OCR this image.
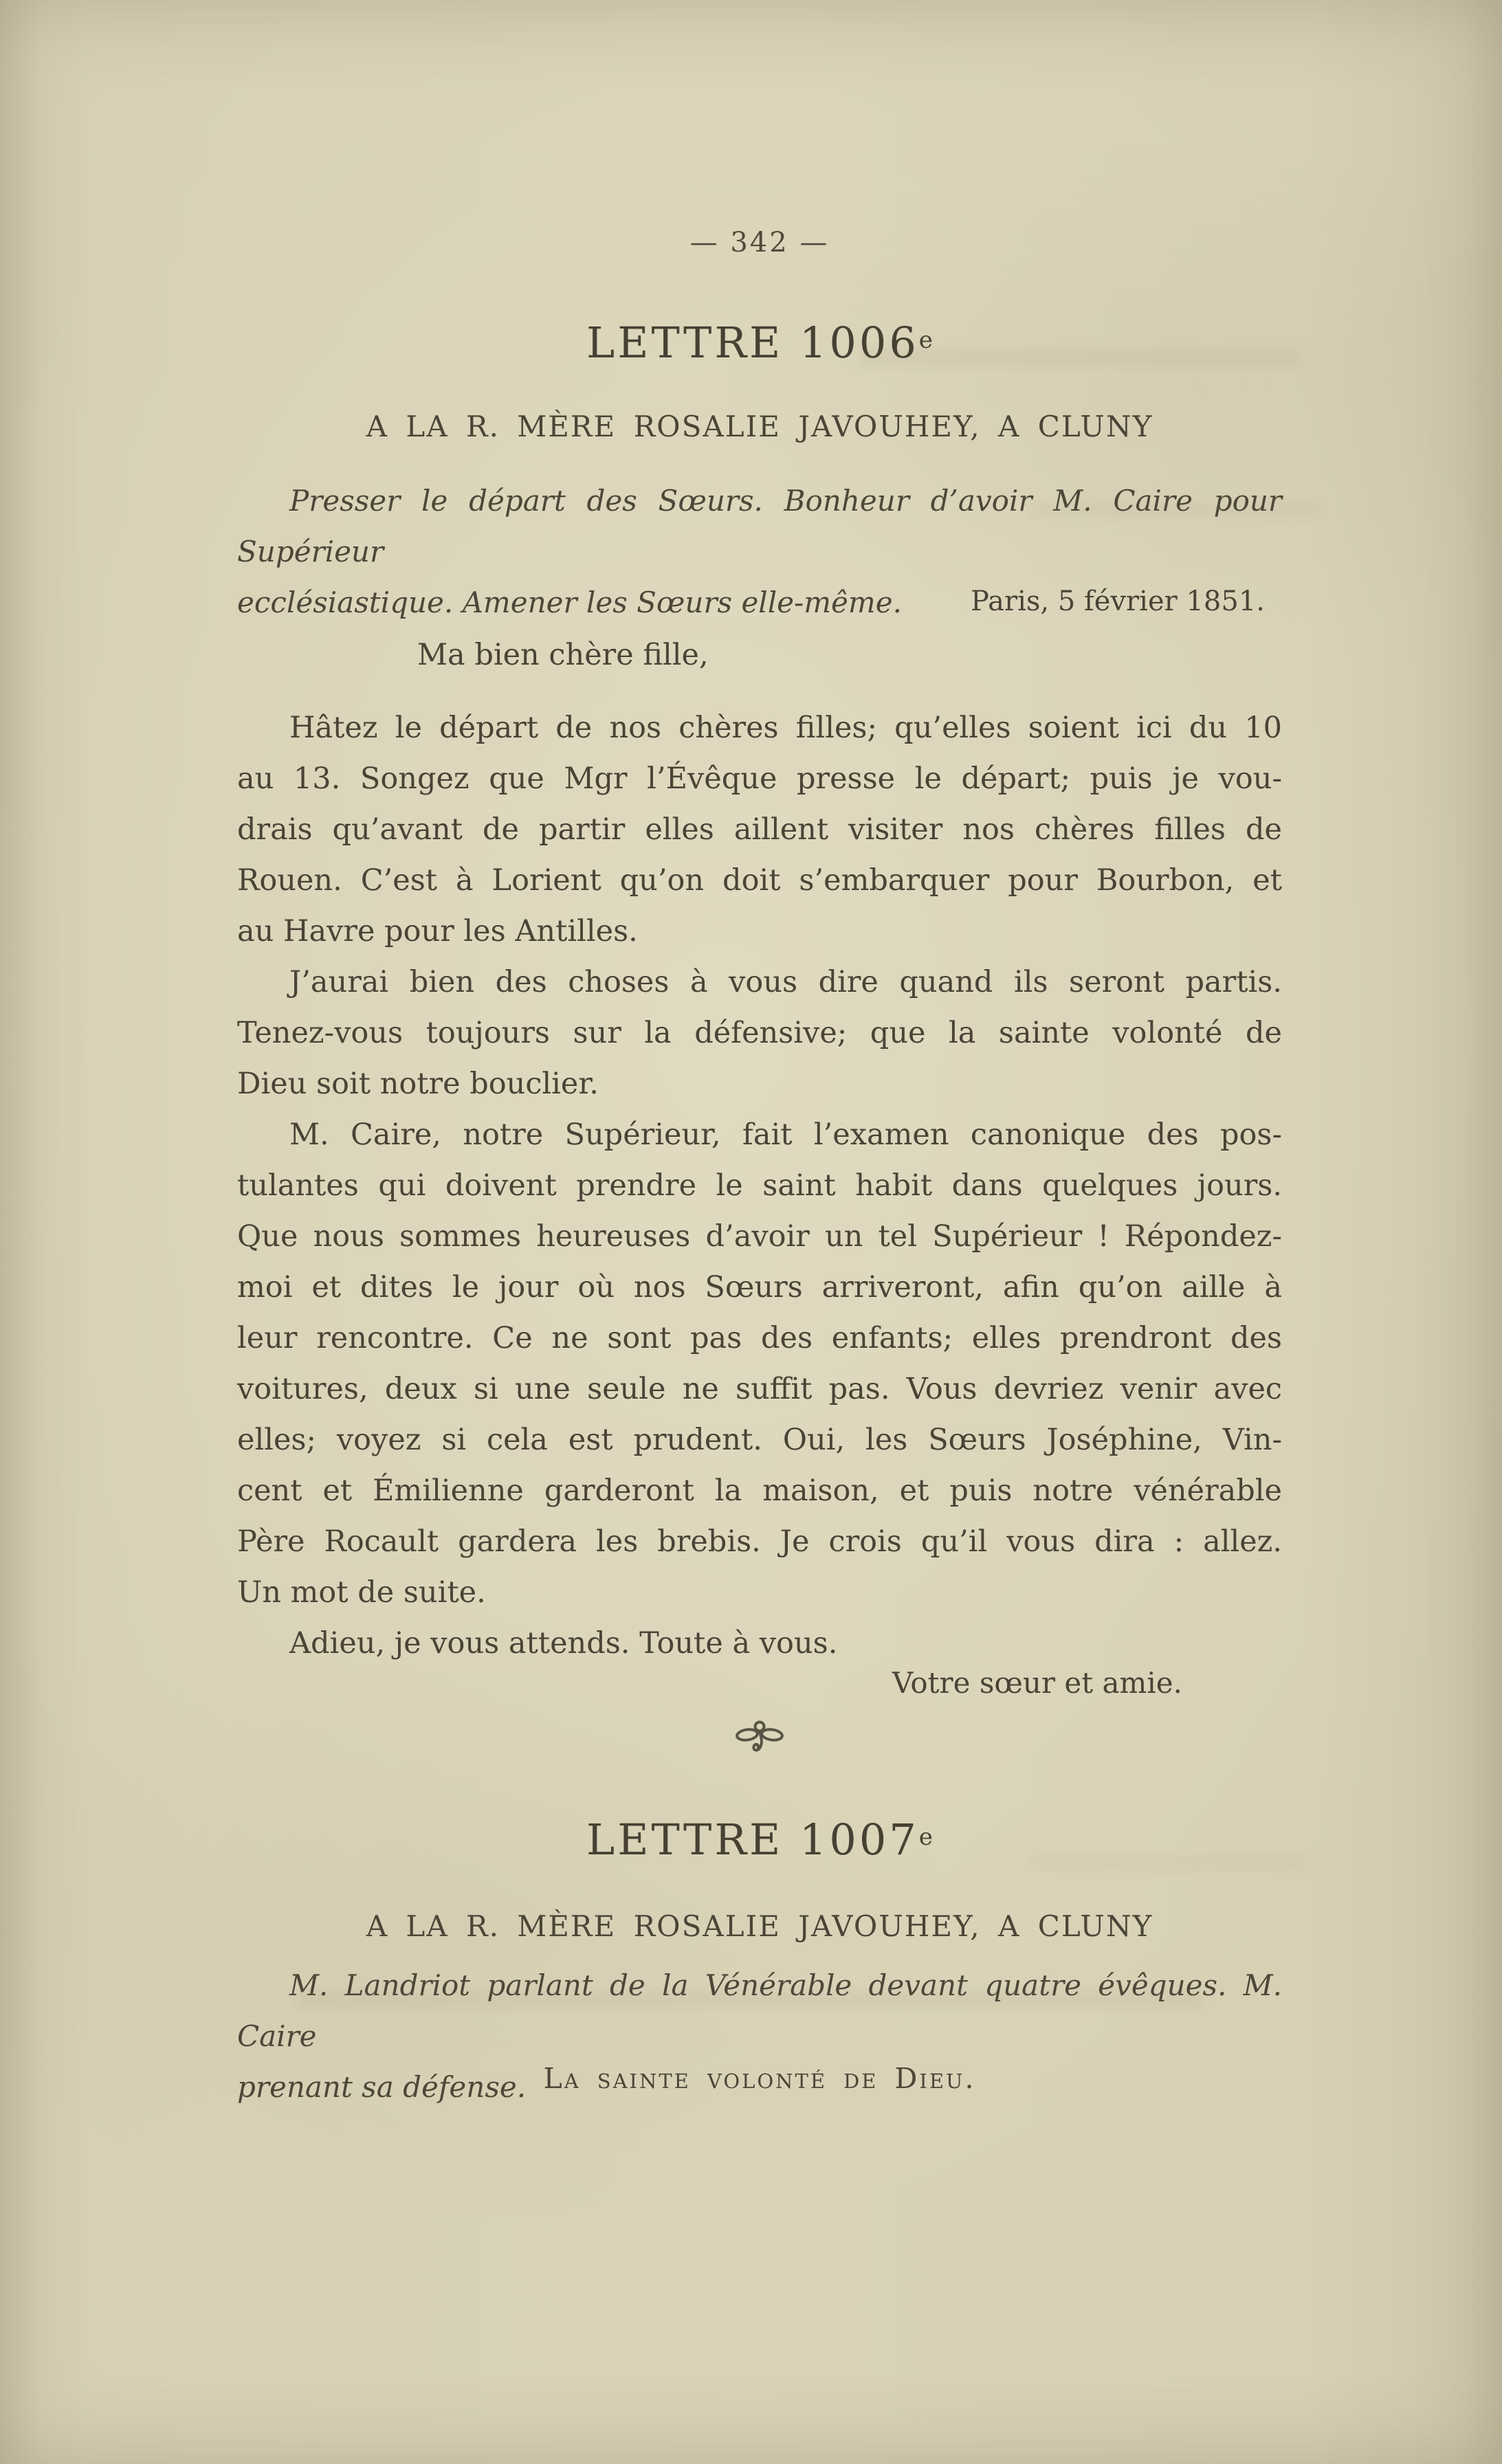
— 342 —
LETTRE 1006e
A LA R. MÈRE ROSALIE JAVOUHEY, A CLUNY
Presser le départ des Sœurs. Bonheur d’avoir M. Caire pour Supérieur
ecclésiastique. Amener les Sœurs elle-même.	Paris, 5 février 1851.
Ma bien chère fille,
Hâtez le départ de nos chères filles; qu’elles soient ici du 10
au 13. Songez que Mgr l’Évêque presse le départ; puis je vou-
drais qu’avant de partir elles aillent visiter nos chères filles de
Rouen. C’est à Lorient qu’on doit s’embarquer pour Bourbon, et
au Havre pour les Antilles.
J’aurai bien des choses à vous dire quand ils seront partis.
Tenez-vous toujours sur la défensive; que la sainte volonté de
Dieu soit notre bouclier.
M. Caire, notre Supérieur, fait l’examen canonique des pos-
tulantes qui doivent prendre le saint habit dans quelques jours.
Que nous sommes heureuses d’avoir un tel Supérieur ! Répondez-
moi et dites le jour où nos Sœurs arriveront, afin qu’on aille à
leur rencontre. Ce ne sont pas des enfants; elles prendront des
voitures, deux si une seule ne suffit pas. Vous devriez venir avec
elles; voyez si cela est prudent. Oui, les Sœurs Joséphine, Vin-
cent et Émilienne garderont la maison, et puis notre vénérable
Père Rocault gardera les brebis. Je crois qu’il vous dira : allez.
Un mot de suite.
Adieu, je vous attends. Toute à vous.
Votre sœur et amie.
LETTRE 1007e
A LA R. MÈRE ROSALIE JAVOUHEY, A CLUNY
M. Landriot parlant de la Vénérable devant quatre évêques. M. Caire
prenant sa défense. La sainte volonté de Dieu.
